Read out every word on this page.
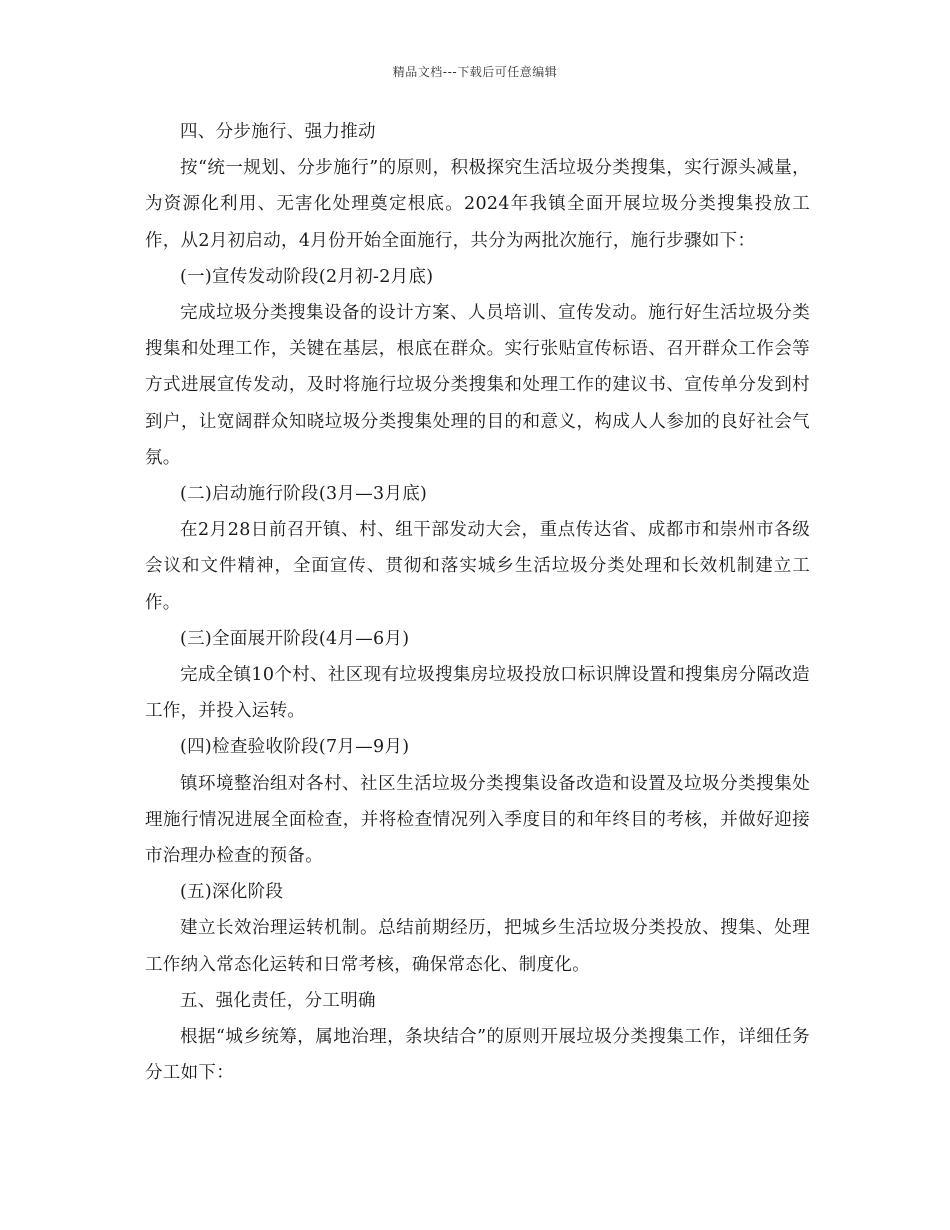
精品文档---下载后可任意编辑

四、分步施行、强力推动

按“统一规划、分步施行”的原则，积极探究生活垃圾分类搜集，实行源头减量，为资源化利用、无害化处理奠定根底。2024年我镇全面开展垃圾分类搜集投放工作，从2月初启动，4月份开始全面施行，共分为两批次施行，施行步骤如下：

(一)宣传发动阶段(2月初-2月底)

完成垃圾分类搜集设备的设计方案、人员培训、宣传发动。施行好生活垃圾分类搜集和处理工作，关键在基层，根底在群众。实行张贴宣传标语、召开群众工作会等方式进展宣传发动，及时将施行垃圾分类搜集和处理工作的建议书、宣传单分发到村到户，让宽阔群众知晓垃圾分类搜集处理的目的和意义，构成人人参加的良好社会气氛。

(二)启动施行阶段(3月—3月底)

在2月28日前召开镇、村、组干部发动大会，重点传达省、成都市和崇州市各级会议和文件精神，全面宣传、贯彻和落实城乡生活垃圾分类处理和长效机制建立工作。

(三)全面展开阶段(4月—6月)

完成全镇10个村、社区现有垃圾搜集房垃圾投放口标识牌设置和搜集房分隔改造工作，并投入运转。

(四)检查验收阶段(7月—9月)

镇环境整治组对各村、社区生活垃圾分类搜集设备改造和设置及垃圾分类搜集处理施行情况进展全面检查，并将检查情况列入季度目的和年终目的考核，并做好迎接市治理办检查的预备。

(五)深化阶段

建立长效治理运转机制。总结前期经历，把城乡生活垃圾分类投放、搜集、处理工作纳入常态化运转和日常考核，确保常态化、制度化。

五、强化责任，分工明确

根据“城乡统筹，属地治理，条块结合”的原则开展垃圾分类搜集工作，详细任务分工如下：
